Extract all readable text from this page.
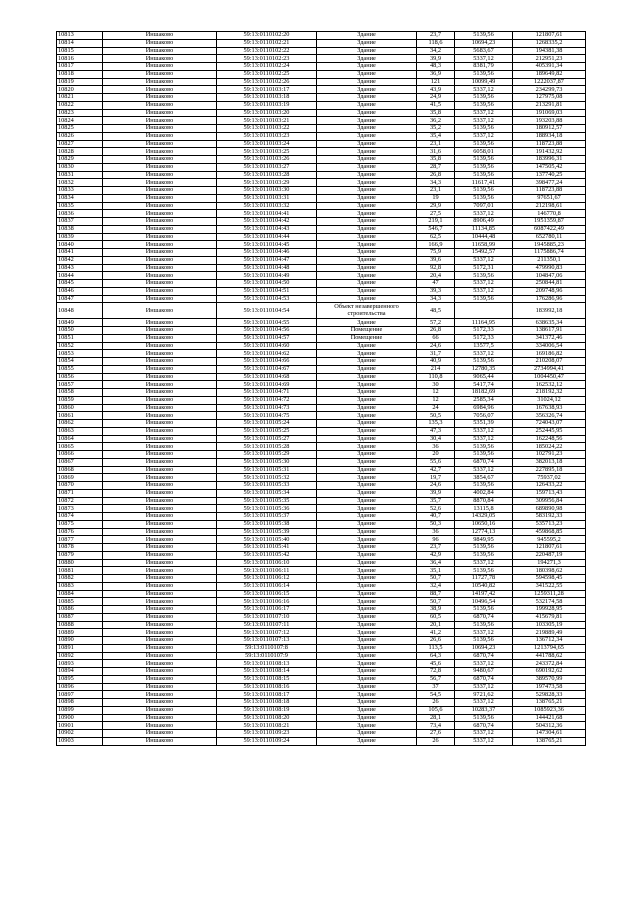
10813	Иншаково	59:13:0110102:20	Здание	23,7	5139,56	121807,61
10814	Иншаково	59:13:0110102:21	Здание	118,6	10694,23	1268335,2
10815	Иншаково	59:13:0110102:22	Здание	34,2	5683,67	194381,38
10816	Иншаково	59:13:0110102:23	Здание	39,9	5337,12	212951,23
10817	Иншаково	59:13:0110102:24	Здание	48,3	8381,79	405391,34
10818	Иншаково	59:13:0110102:25	Здание	36,9	5139,56	189649,82
10819	Иншаково	59:13:0110102:26	Здание	121	10099,49	1222037,87
10820	Иншаково	59:13:0110103:17	Здание	43,9	5337,12	234299,73
10821	Иншаково	59:13:0110103:18	Здание	24,9	5139,56	127975,08
10822	Иншаково	59:13:0110103:19	Здание	41,5	5139,56	213291,81
10823	Иншаково	59:13:0110103:20	Здание	35,8	5337,12	191069,03
10824	Иншаково	59:13:0110103:21	Здание	36,2	5337,12	193203,88
10825	Иншаково	59:13:0110103:22	Здание	35,2	5139,56	180912,57
10826	Иншаково	59:13:0110103:23	Здание	35,4	5337,12	188934,18
10827	Иншаково	59:13:0110103:24	Здание	23,1	5139,56	118723,88
10828	Иншаково	59:13:0110103:25	Здание	31,6	6058,01	191432,92
10829	Иншаково	59:13:0110103:26	Здание	35,8	5139,56	183996,31
10830	Иншаково	59:13:0110103:27	Здание	28,7	5139,56	147505,42
10831	Иншаково	59:13:0110103:28	Здание	26,8	5139,56	137740,25
10832	Иншаково	59:13:0110103:29	Здание	34,3	11617,41	398477,24
10833	Иншаково	59:13:0110103:30	Здание	23,1	5139,56	118723,88
10834	Иншаково	59:13:0110103:31	Здание	19	5139,56	97651,67
10835	Иншаково	59:13:0110103:32	Здание	29,9	7097,01	212198,61
10836	Иншаково	59:13:0110104:41	Здание	27,5	5337,12	146770,8
10837	Иншаково	59:13:0110104:42	Здание	219,1	8906,49	1951359,87
10838	Иншаково	59:13:0110104:43	Здание	546,7	11134,85	6087422,49
10839	Иншаково	59:13:0110104:44	Здание	62,5	10444,48	652780,11
10840	Иншаково	59:13:0110104:45	Здание	166,9	11658,99	1945885,23
10841	Иншаково	59:13:0110104:46	Здание	75,9	15492,57	1175886,74
10842	Иншаково	59:13:0110104:47	Здание	39,6	5337,12	211350,1
10843	Иншаково	59:13:0110104:48	Здание	92,8	5172,31	479990,83
10844	Иншаково	59:13:0110104:49	Здание	20,4	5139,56	104847,06
10845	Иншаково	59:13:0110104:50	Здание	47	5337,12	250844,81
10846	Иншаково	59:13:0110104:51	Здание	39,3	5337,12	209748,96
10847	Иншаково	59:13:0110104:53	Здание	34,3	5139,56	176286,96
10848	Иншаково	59:13:0110104:54	Объект незавершенного строительства	48,5		183992,18
10849	Иншаково	59:13:0110104:55	Здание	57,2	11164,95	638635,34
10850	Иншаково	59:13:0110104:56	Помещение	26,8	5172,33	138617,91
10851	Иншаково	59:13:0110104:57	Помещение	66	5172,33	341372,46
10852	Иншаково	59:13:0110104:60	Здание	24,6	13577,5	334006,54
10853	Иншаково	59:13:0110104:62	Здание	31,7	5337,12	169186,82
10854	Иншаково	59:13:0110104:66	Здание	40,9	5139,56	210208,07
10855	Иншаково	59:13:0110104:67	Здание	214	12780,35	2734994,41
10856	Иншаково	59:13:0110104:68	Здание	110,8	9065,44	1004450,47
10857	Иншаково	59:13:0110104:69	Здание	30	5417,74	162532,12
10858	Иншаково	59:13:0110104:71	Здание	12	18182,69	218192,32
10859	Иншаково	59:13:0110104:72	Здание	12	2585,34	31024,12
10860	Иншаково	59:13:0110104:73	Здание	24	6984,96	167638,93
10861	Иншаково	59:13:0110104:75	Здание	50,5	7056,07	356326,74
10862	Иншаково	59:13:0110105:24	Здание	135,3	5351,39	724043,07
10863	Иншаково	59:13:0110105:25	Здание	47,3	5337,12	252445,95
10864	Иншаково	59:13:0110105:27	Здание	30,4	5337,12	162248,56
10865	Иншаково	59:13:0110105:28	Здание	36	5139,56	185024,22
10866	Иншаково	59:13:0110105:29	Здание	20	5139,56	102791,23
10867	Иншаково	59:13:0110105:30	Здание	55,6	6870,74	382013,18
10868	Иншаково	59:13:0110105:31	Здание	42,7	5337,12	227895,18
10869	Иншаково	59:13:0110105:32	Здание	19,7	3854,67	75937,02
10870	Иншаково	59:13:0110105:33	Здание	24,6	5139,56	126433,22
10871	Иншаково	59:13:0110105:34	Здание	39,9	4002,84	159713,43
10872	Иншаково	59:13:0110105:35	Здание	35,7	8870,84	309956,84
10873	Иншаково	59:13:0110105:36	Здание	52,6	13115,8	689890,98
10874	Иншаково	59:13:0110105:37	Здание	40,7	14329,05	583192,33
10875	Иншаково	59:13:0110105:38	Здание	50,3	10650,16	535713,23
10876	Иншаково	59:13:0110105:39	Здание	36	12774,13	459868,85
10877	Иншаково	59:13:0110105:40	Здание	96	9849,95	945595,2
10878	Иншаково	59:13:0110105:41	Здание	23,7	5139,56	121807,61
10879	Иншаково	59:13:0110105:42	Здание	42,9	5139,56	220487,19
10880	Иншаково	59:13:0110106:10	Здание	36,4	5337,12	194271,3
10881	Иншаково	59:13:0110106:11	Здание	35,1	5139,56	180398,62
10882	Иншаково	59:13:0110106:12	Здание	50,7	11727,78	594598,45
10883	Иншаково	59:13:0110106:14	Здание	32,4	10540,82	341522,55
10884	Иншаково	59:13:0110106:15	Здание	88,7	14197,42	1259311,28
10885	Иншаково	59:13:0110106:16	Здание	50,7	10496,54	532174,58
10886	Иншаково	59:13:0110106:17	Здание	38,9	5139,56	199928,95
10887	Иншаково	59:13:0110107:10	Здание	60,5	6870,74	415679,81
10888	Иншаково	59:13:0110107:11	Здание	20,1	5139,56	103305,19
10889	Иншаково	59:13:0110107:12	Здание	41,2	5337,12	219889,49
10890	Иншаково	59:13:0110107:13	Здание	26,6	5139,56	136712,34
10891	Иншаково	59:13:0110107:8	Здание	113,5	10694,23	1213794,65
10892	Иншаково	59:13:0110107:9	Здание	64,3	6870,74	441788,62
10893	Иншаково	59:13:0110108:13	Здание	45,6	5337,12	243372,84
10894	Иншаково	59:13:0110108:14	Здание	72,8	9480,67	690192,62
10895	Иншаково	59:13:0110108:15	Здание	56,7	6870,74	389570,99
10896	Иншаково	59:13:0110108:16	Здание	37	5337,12	197473,58
10897	Иншаково	59:13:0110108:17	Здание	54,5	9721,62	529828,33
10898	Иншаково	59:13:0110108:18	Здание	26	5337,12	138765,21
10899	Иншаково	59:13:0110108:19	Здание	105,6	10283,37	1085923,36
10900	Иншаково	59:13:0110108:20	Здание	28,1	5139,56	144421,68
10901	Иншаково	59:13:0110108:21	Здание	73,4	6870,74	504312,36
10902	Иншаково	59:13:0110109:23	Здание	27,6	5337,12	147304,61
10903	Иншаково	59:13:0110109:24	Здание	26	5337,12	138765,21
